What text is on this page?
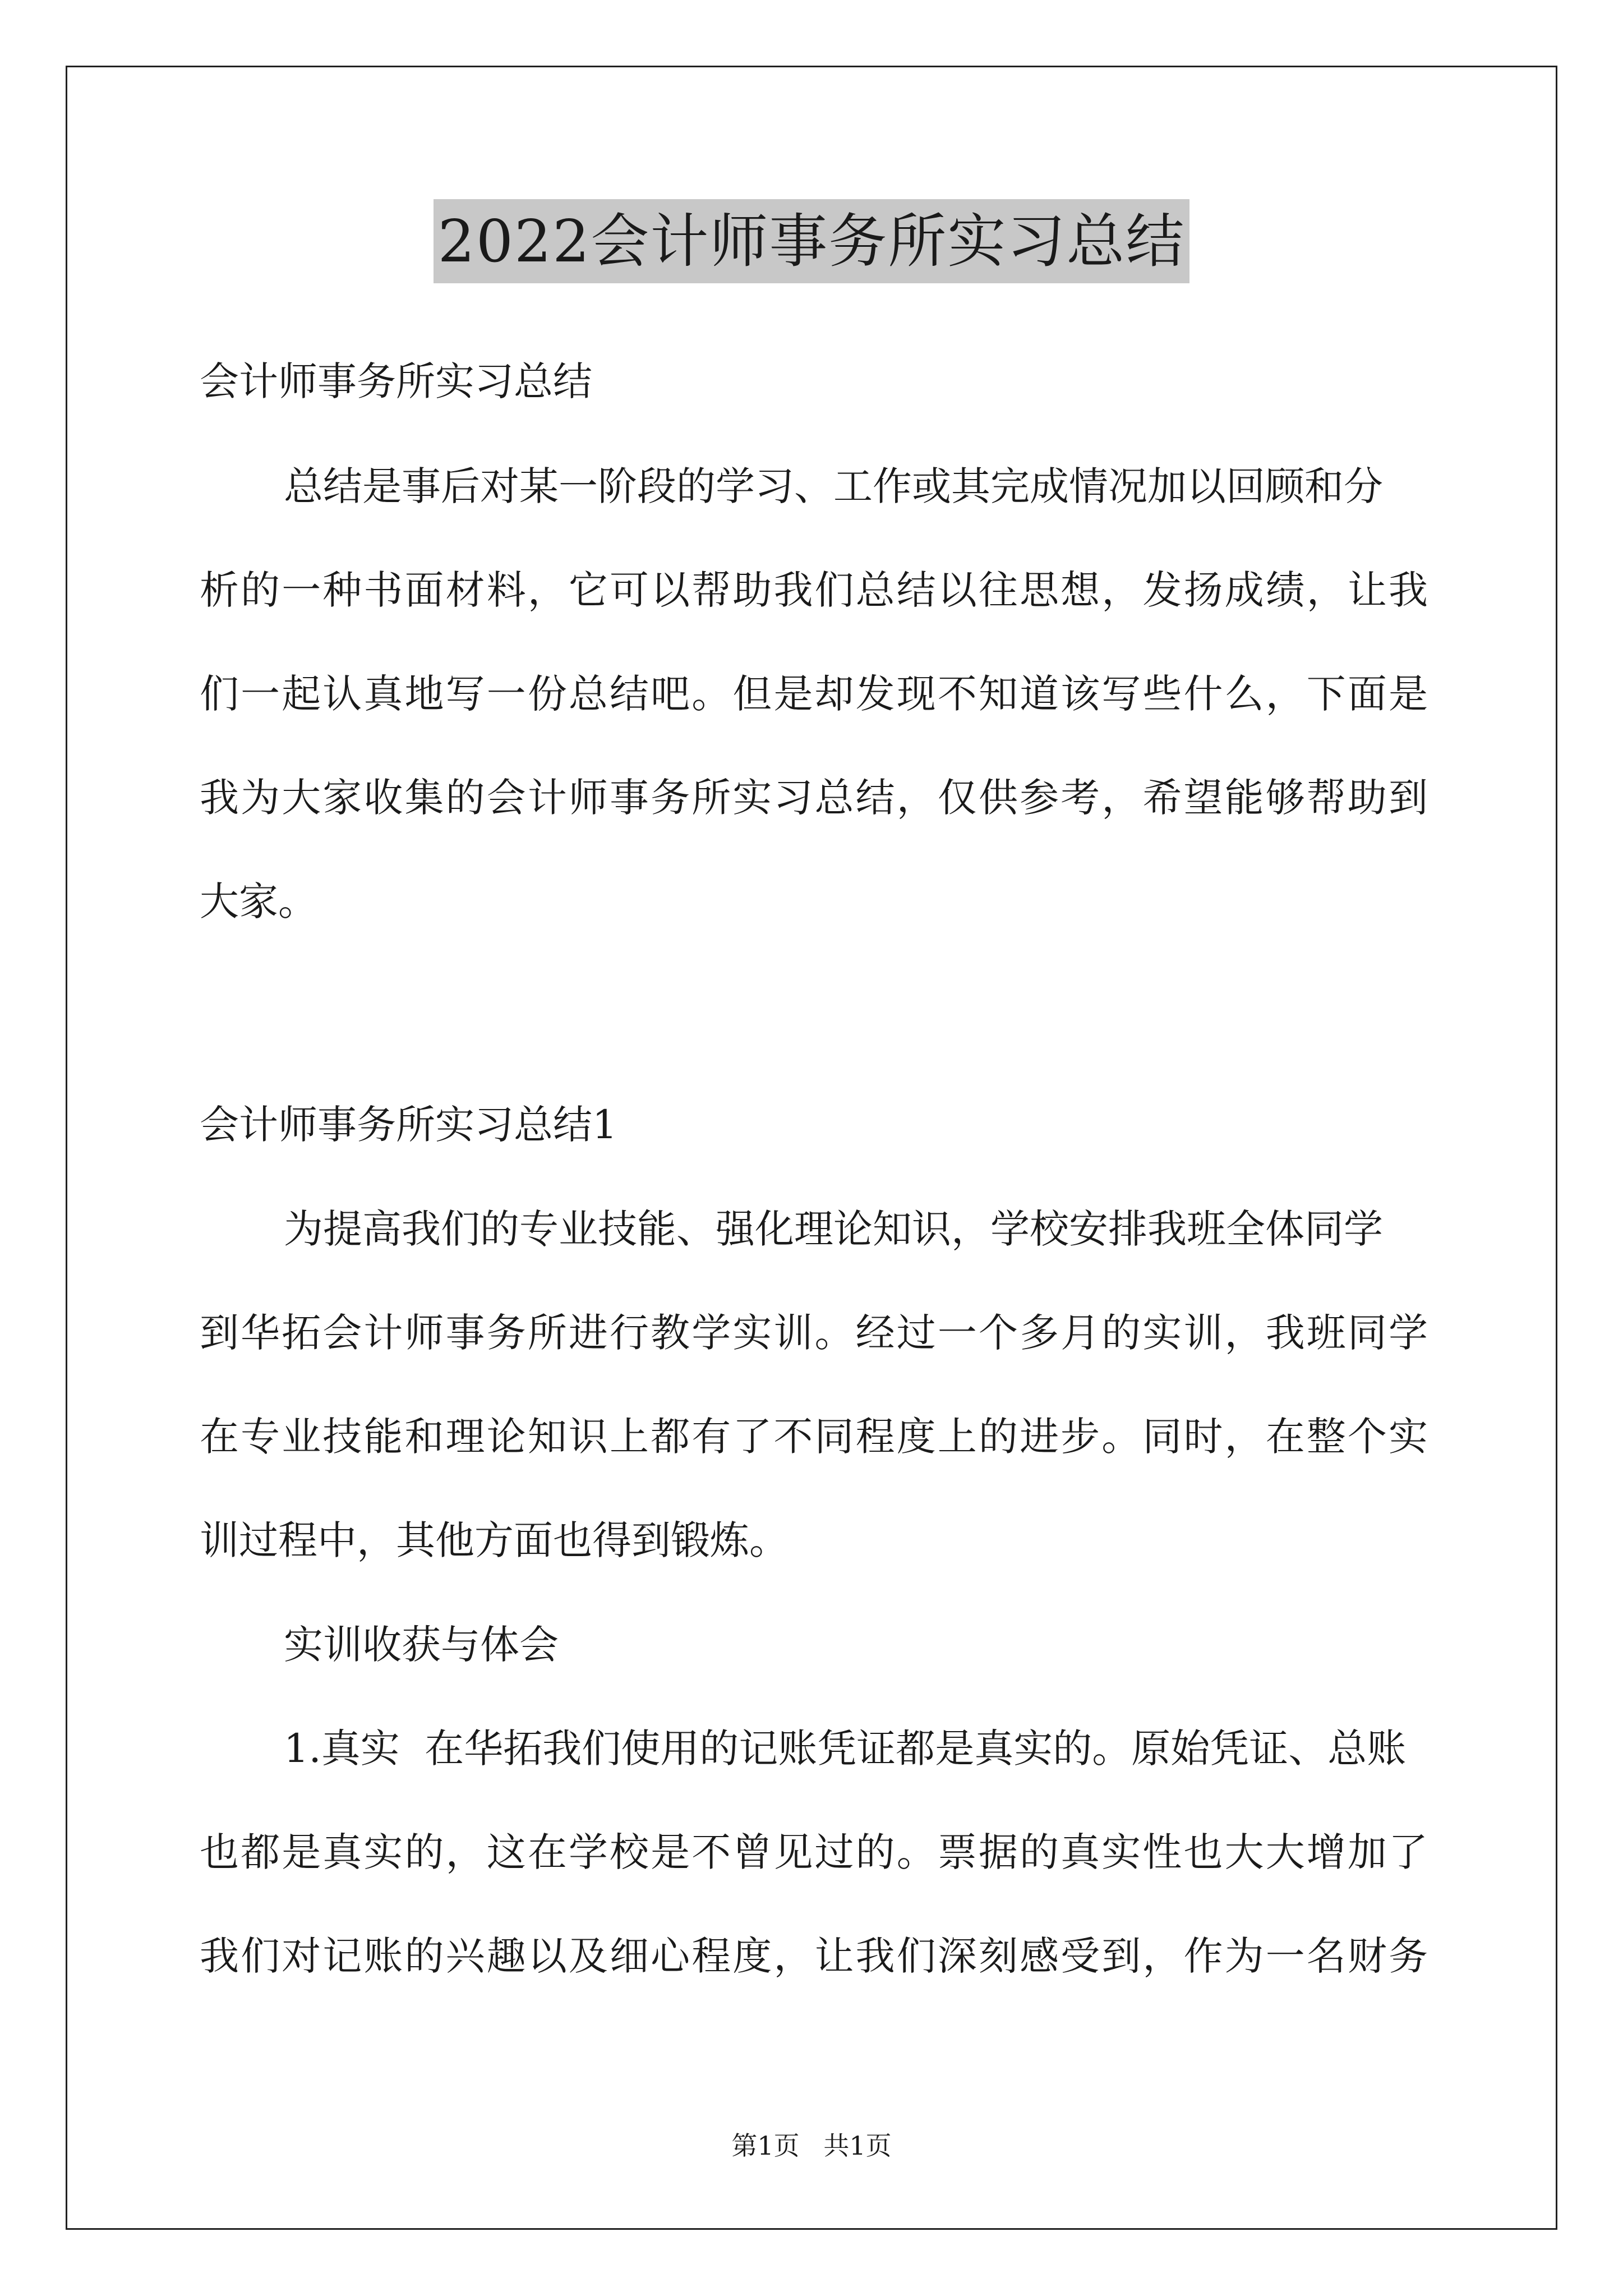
2022会计师事务所实习总结
会计师事务所实习总结
总结是事后对某一阶段的学习、工作或其完成情况加以回顾和分
析的一种书面材料，它可以帮助我们总结以往思想，发扬成绩，让我
们一起认真地写一份总结吧。但是却发现不知道该写些什么，下面是
我为大家收集的会计师事务所实习总结，仅供参考，希望能够帮助到
大家。
会计师事务所实习总结1
为提高我们的专业技能、强化理论知识，学校安排我班全体同学
到华拓会计师事务所进行教学实训。经过一个多月的实训，我班同学
在专业技能和理论知识上都有了不同程度上的进步。同时，在整个实
训过程中，其他方面也得到锻炼。
实训收获与体会
1.真实  在华拓我们使用的记账凭证都是真实的。原始凭证、总账
也都是真实的，这在学校是不曾见过的。票据的真实性也大大增加了
我们对记账的兴趣以及细心程度，让我们深刻感受到，作为一名财务
第1页 共1页
